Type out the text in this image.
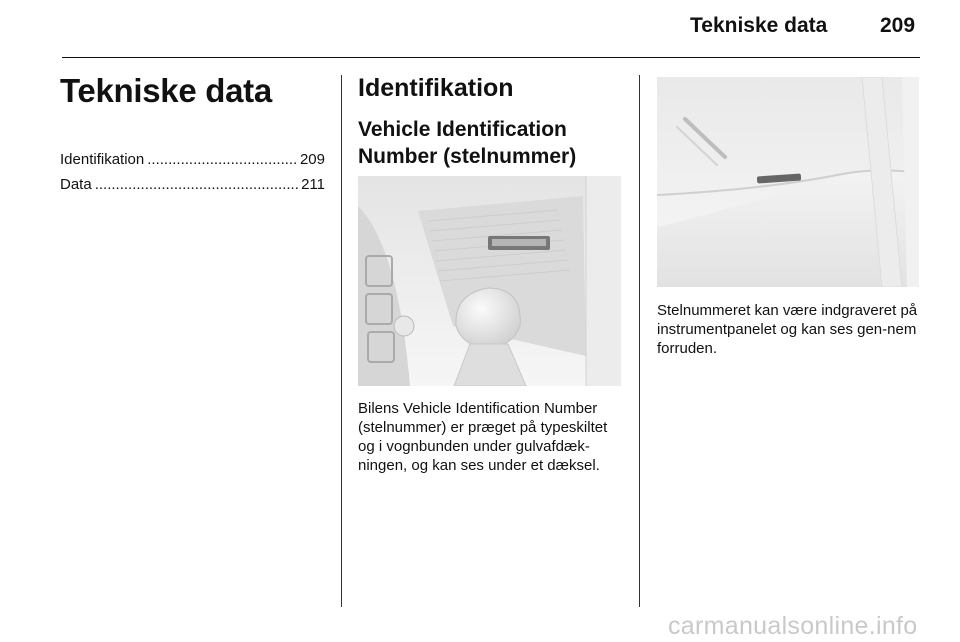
Tekniske data	209
Tekniske data
Identifikation .....	209
Data .....	211
Identifikation
Vehicle Identification Number (stelnummer)
Bilens Vehicle Identification Number (stelnummer) er præget på typeskiltet og i vognbunden under gulvafdæk-ningen, og kan ses under et dæksel.
Stelnummeret kan være indgraveret på instrumentpanelet og kan ses gen-nem forruden.
carmanualsonline.info
